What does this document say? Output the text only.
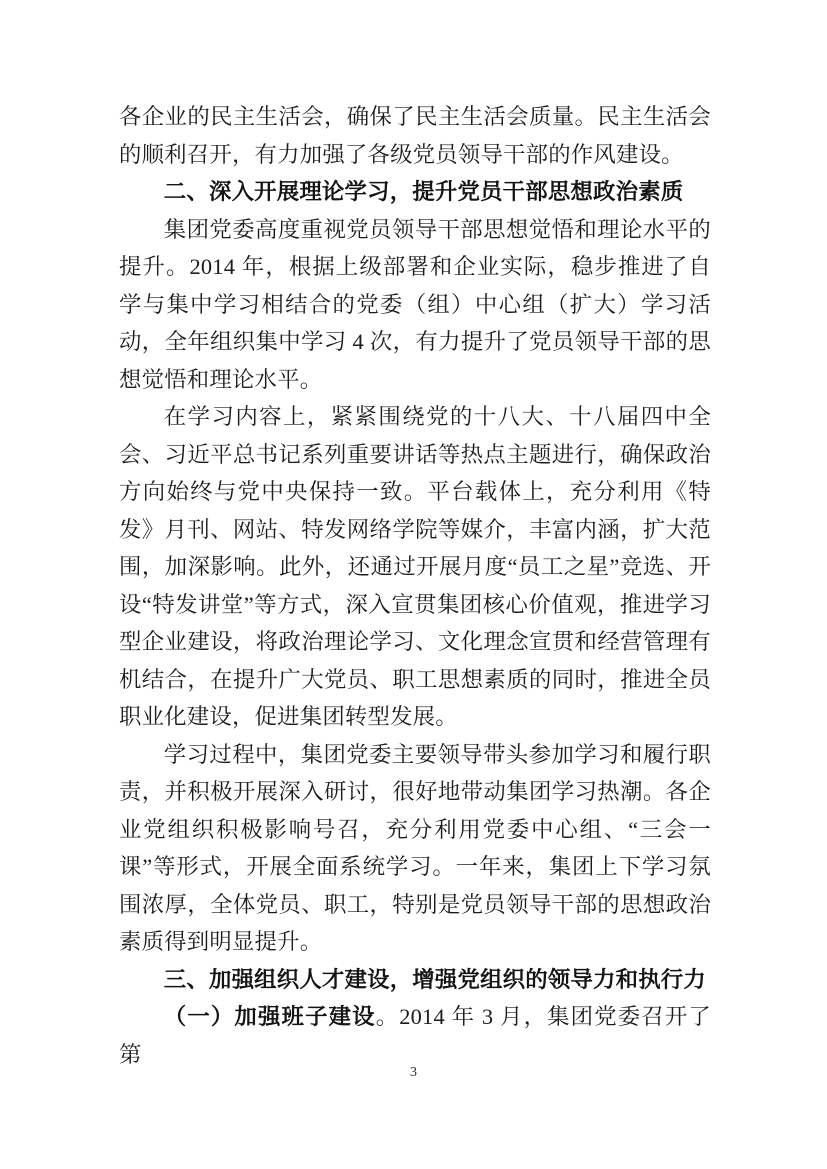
各企业的民主生活会，确保了民主生活会质量。民主生活会的顺利召开，有力加强了各级党员领导干部的作风建设。

二、深入开展理论学习，提升党员干部思想政治素质

集团党委高度重视党员领导干部思想觉悟和理论水平的提升。2014 年，根据上级部署和企业实际，稳步推进了自学与集中学习相结合的党委（组）中心组（扩大）学习活动，全年组织集中学习 4 次，有力提升了党员领导干部的思想觉悟和理论水平。

在学习内容上，紧紧围绕党的十八大、十八届四中全会、习近平总书记系列重要讲话等热点主题进行，确保政治方向始终与党中央保持一致。平台载体上，充分利用《特发》月刊、网站、特发网络学院等媒介，丰富内涵，扩大范围，加深影响。此外，还通过开展月度“员工之星”竞选、开设“特发讲堂”等方式，深入宣贯集团核心价值观，推进学习型企业建设，将政治理论学习、文化理念宣贯和经营管理有机结合，在提升广大党员、职工思想素质的同时，推进全员职业化建设，促进集团转型发展。

学习过程中，集团党委主要领导带头参加学习和履行职责，并积极开展深入研讨，很好地带动集团学习热潮。各企业党组织积极影响号召，充分利用党委中心组、“三会一课”等形式，开展全面系统学习。一年来，集团上下学习氛围浓厚，全体党员、职工，特别是党员领导干部的思想政治素质得到明显提升。

三、加强组织人才建设，增强党组织的领导力和执行力

（一）加强班子建设。2014 年 3 月，集团党委召开了第

3
